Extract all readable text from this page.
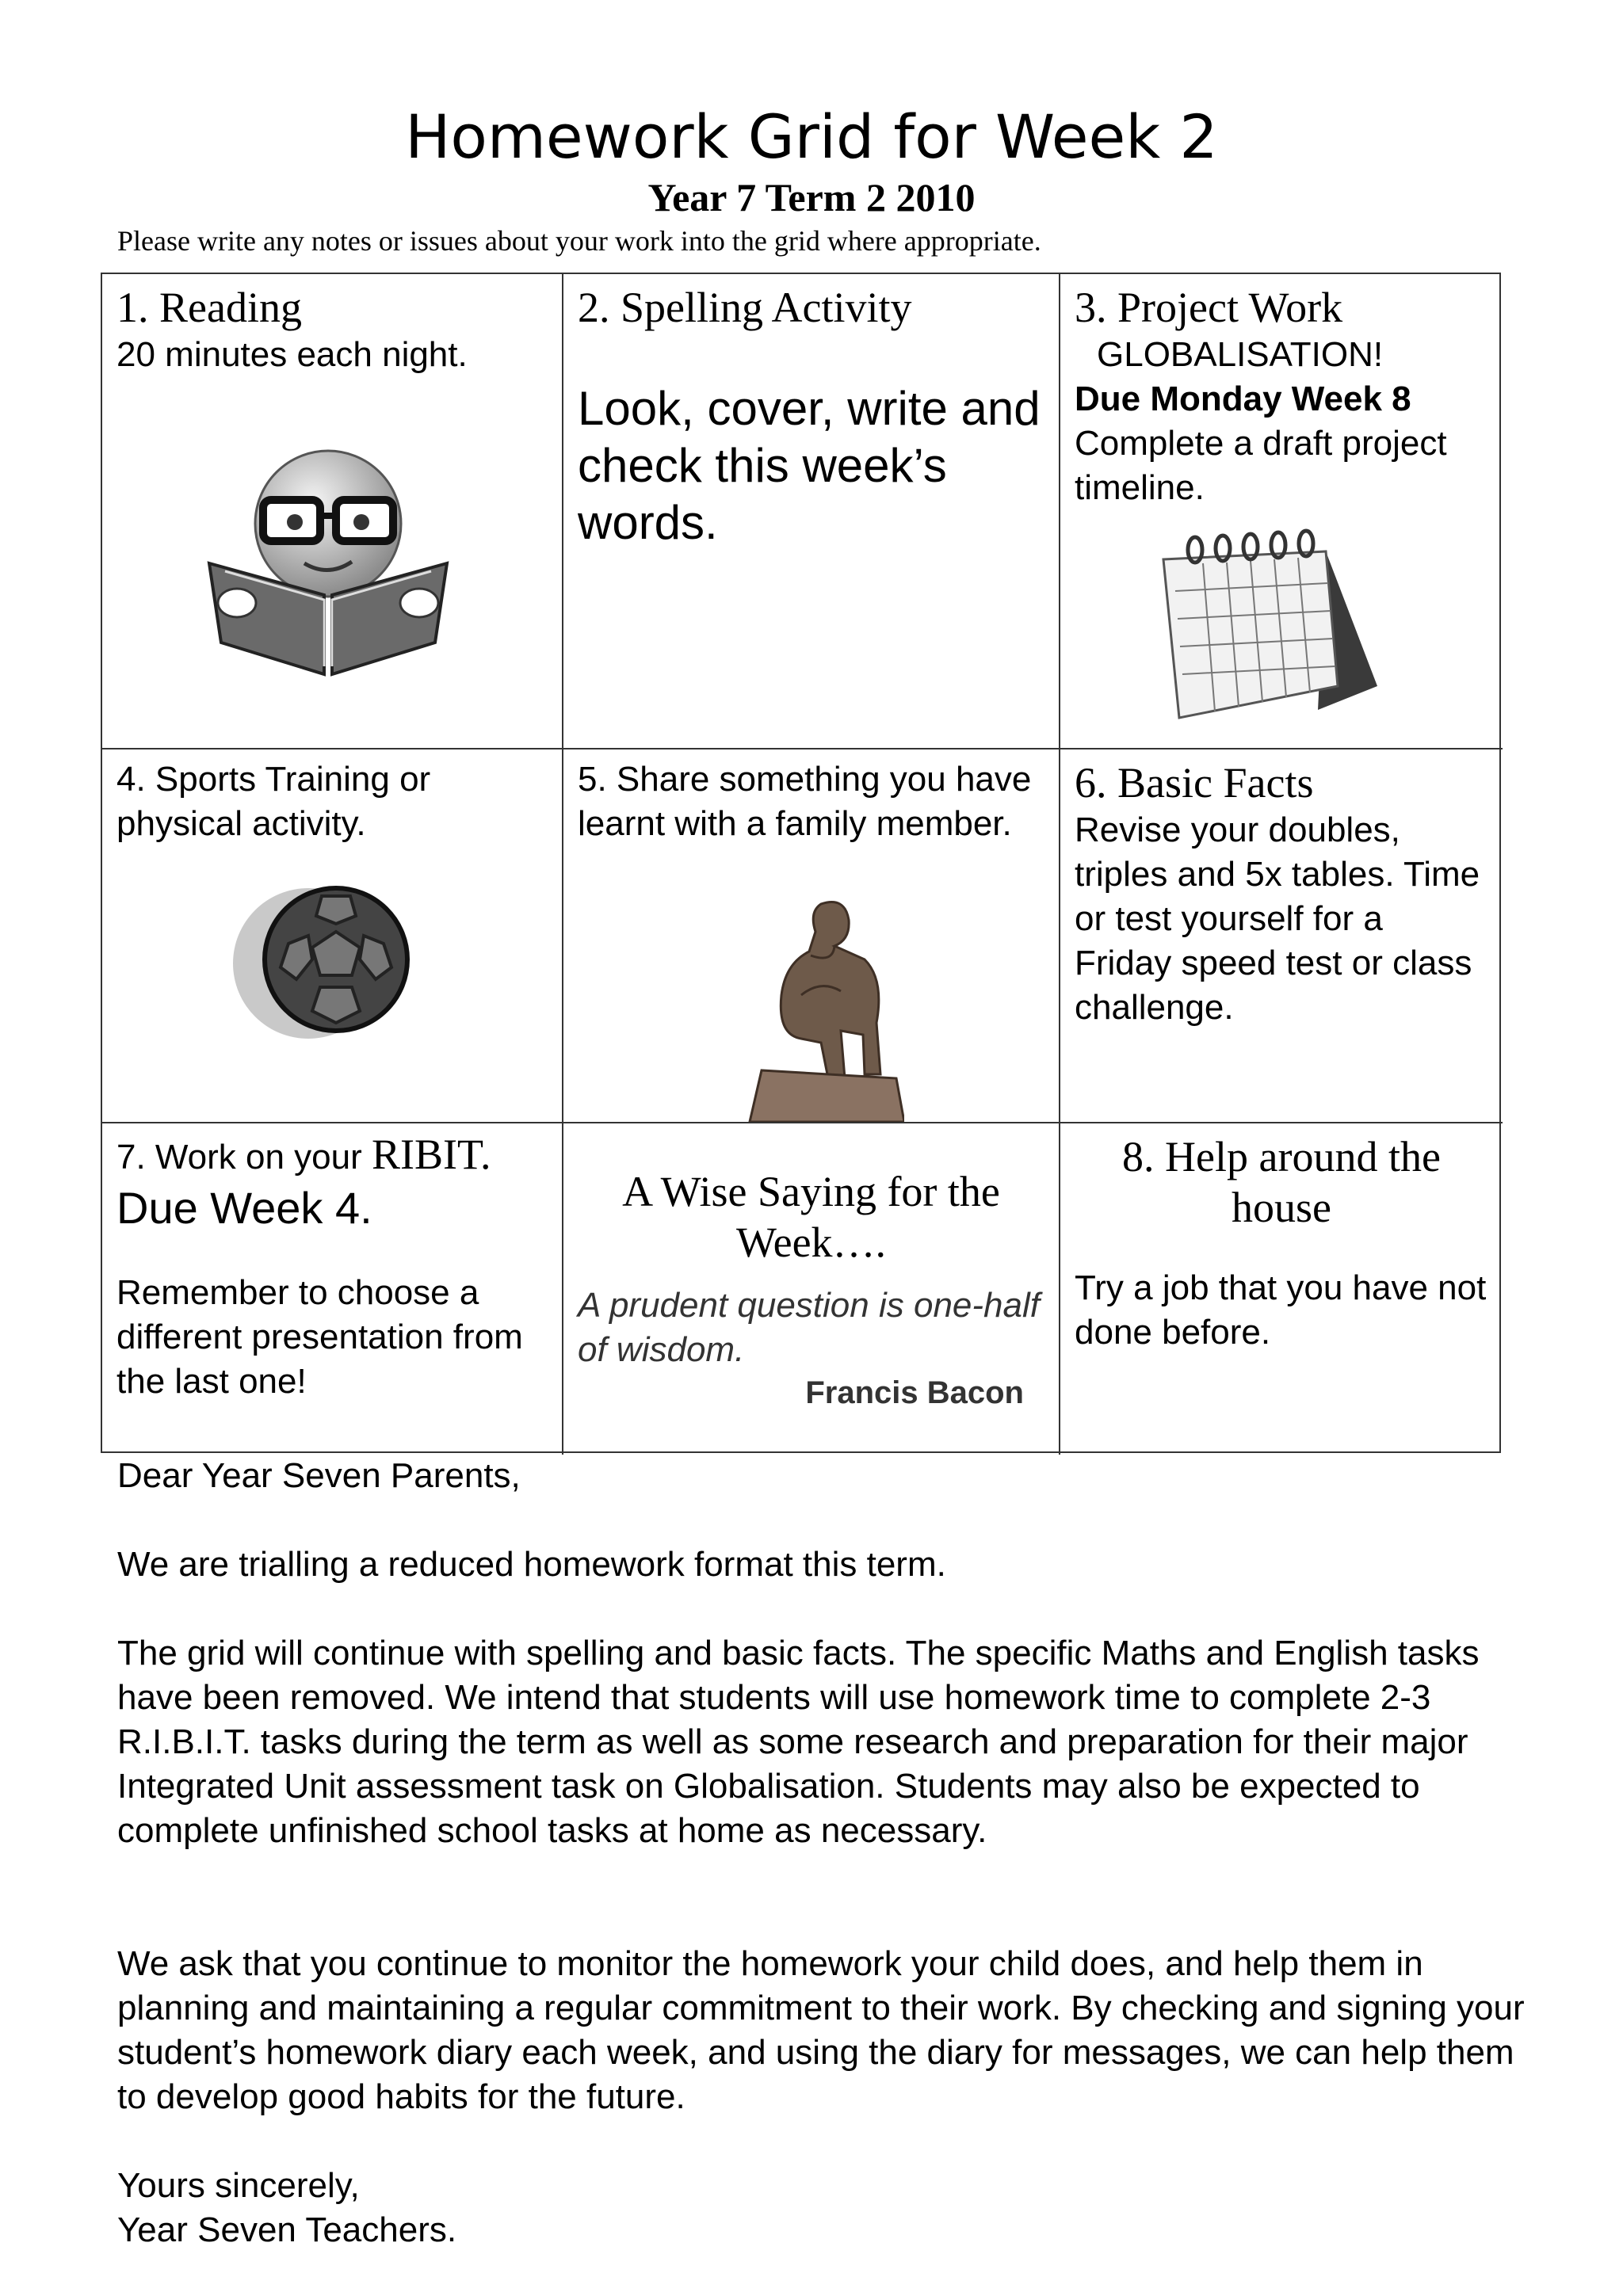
Homework Grid for Week 2
Year 7 Term 2 2010
Please write any notes or issues about your work into the grid where appropriate.
1. Reading
20 minutes each night.
2. Spelling Activity
Look, cover, write and check this week’s words.
3. Project Work
GLOBALISATION!
Due Monday Week 8
Complete a draft project timeline.
4. Sports Training or physical activity.
5. Share something you have learnt with a family member.
6. Basic Facts
Revise your doubles, triples and 5x tables. Time or test yourself for a Friday speed test or class challenge.
7. Work on your RIBIT.
Due Week 4.
Remember to choose a different presentation from the last one!
A Wise Saying for the Week….
A prudent question is one-half of wisdom.
Francis Bacon
8. Help around the house
Try a job that you have not done before.
Dear Year Seven Parents,
We are trialling a reduced homework format this term.
The grid will continue with spelling and basic facts. The specific Maths and English tasks have been removed. We intend that students will use homework time to complete 2-3 R.I.B.I.T. tasks during the term as well as some research and preparation for their major Integrated Unit assessment task on Globalisation. Students may also be expected to complete unfinished school tasks at home as necessary.
We ask that you continue to monitor the homework your child does, and help them in planning and maintaining a regular commitment to their work. By checking and signing your student’s homework diary each week, and using the diary for messages, we can help them to develop good habits for the future.
Yours sincerely,
Year Seven Teachers.
